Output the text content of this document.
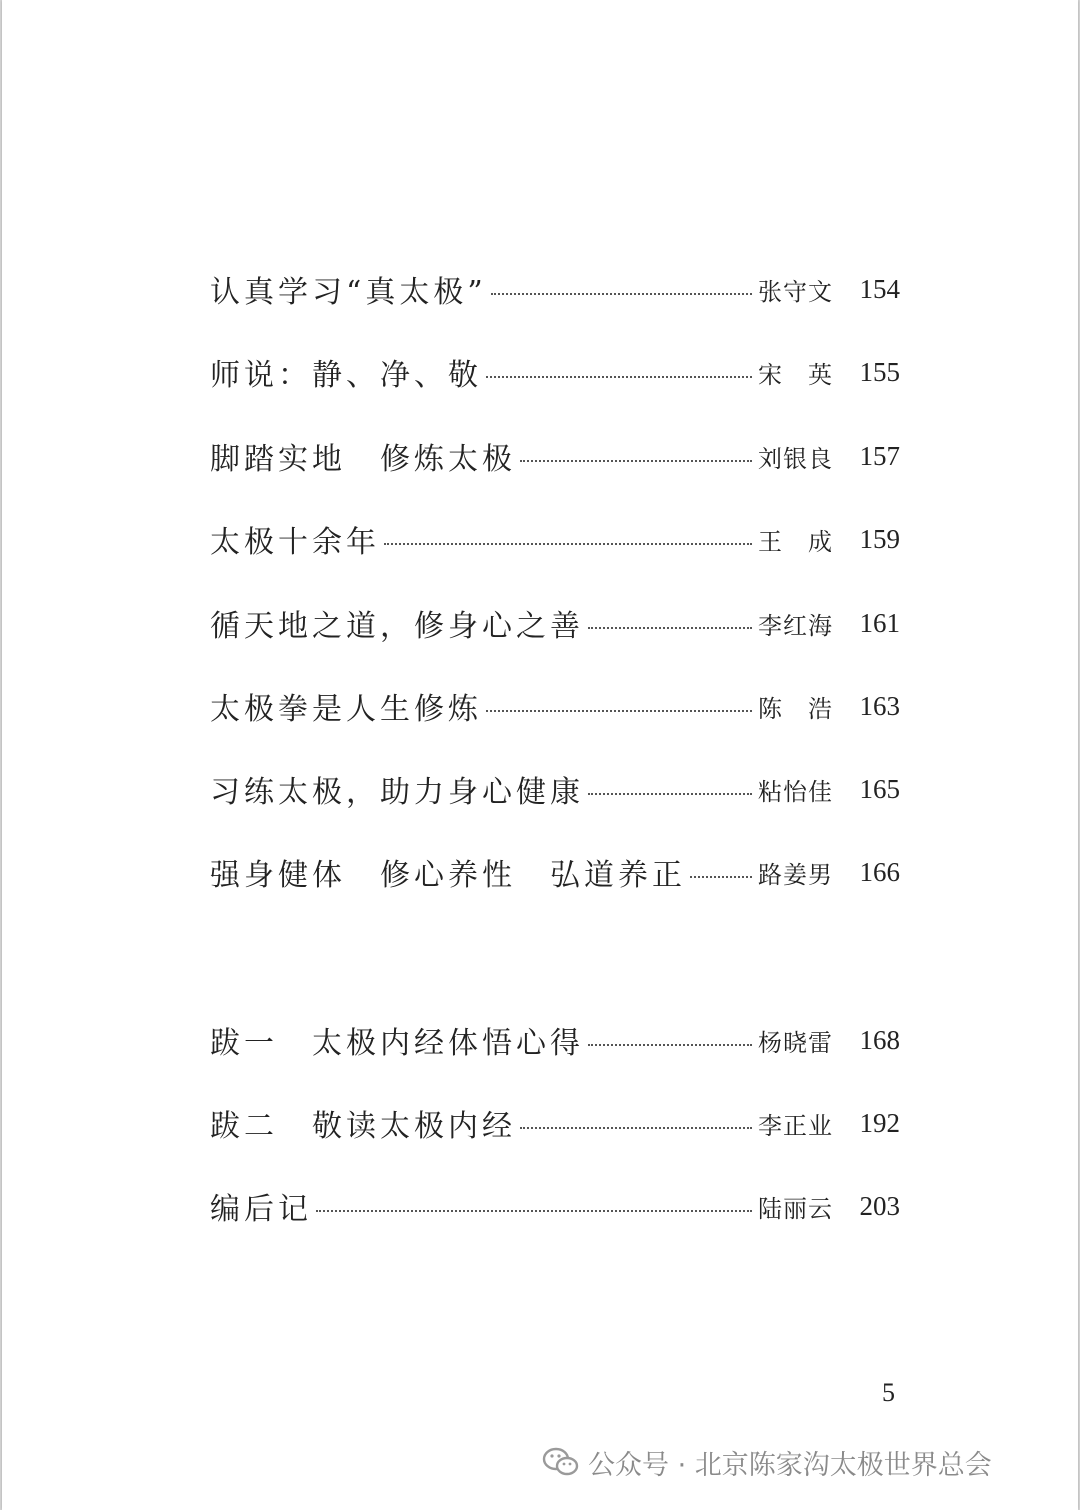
认真学习“真太极”	张守文 154
师说：静、净、敬	宋　英 155
脚踏实地　修炼太极	刘银良 157
太极十余年	王　成 159
循天地之道，修身心之善	李红海 161
太极拳是人生修炼	陈　浩 163
习练太极，助力身心健康	粘怡佳 165
强身健体　修心养性　弘道养正	路姜男 166
跋一　太极内经体悟心得	杨晓雷 168
跋二　敬读太极内经	李正业 192
编后记	陆丽云 203
5
公众号 · 北京陈家沟太极世界总会
